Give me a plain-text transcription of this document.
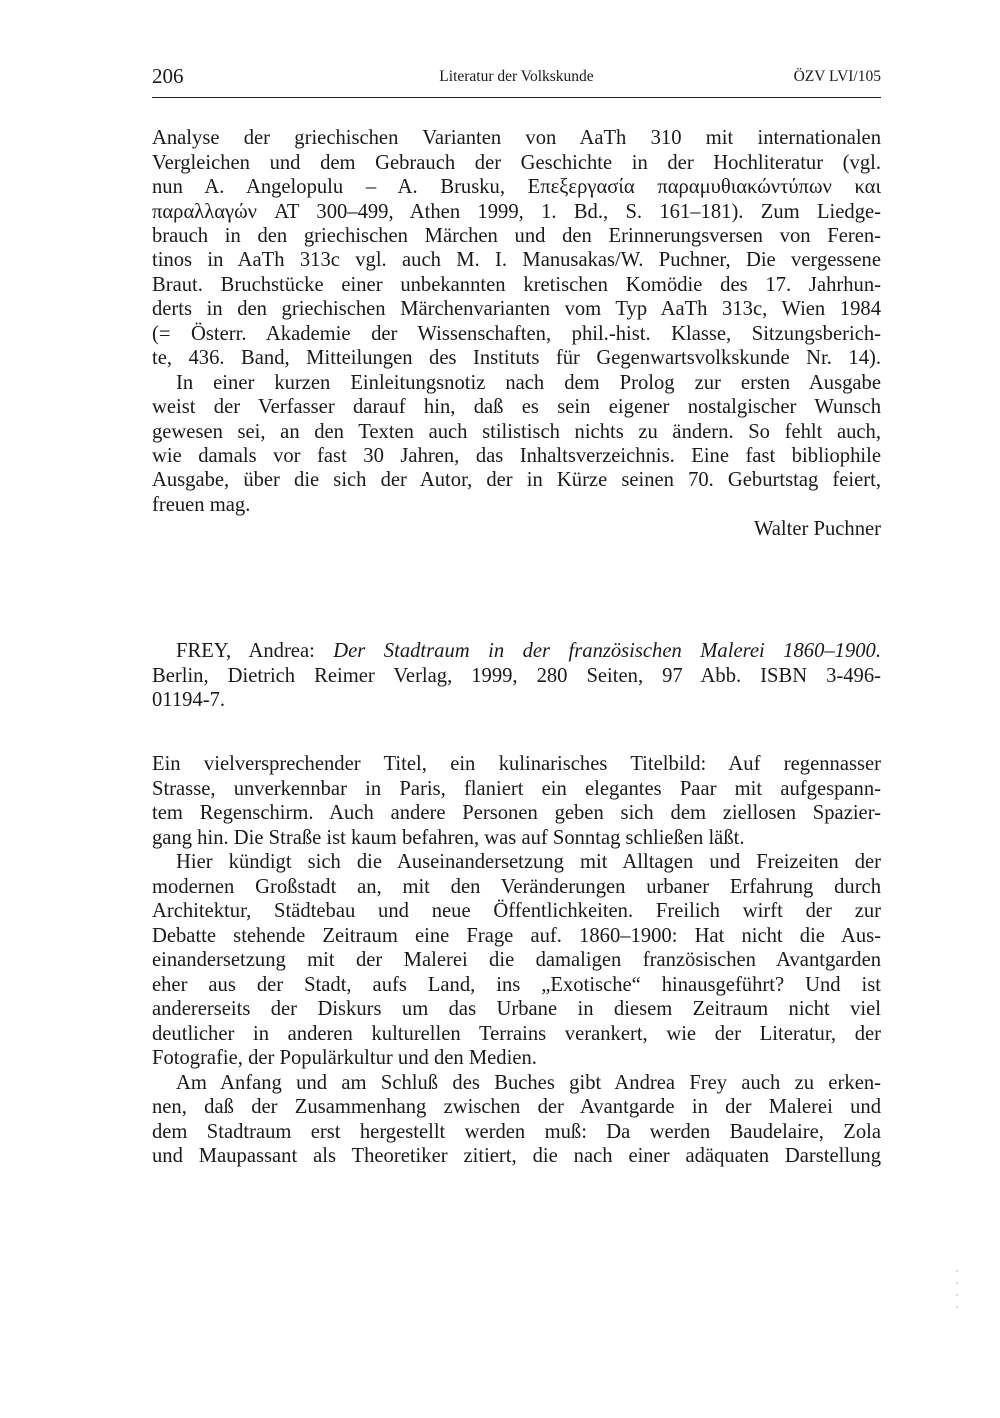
206	Literatur der Volkskunde	ÖZV LVI/105
Analyse der griechischen Varianten von AaTh 310 mit internationalen
Vergleichen und dem Gebrauch der Geschichte in der Hochliteratur (vgl.
nun A. Angelopulu – A. Brusku, Επεξεργασία παραμυθιακώντύπων και
παραλλαγών AT 300–499, Athen 1999, 1. Bd., S. 161–181). Zum Liedge-
brauch in den griechischen Märchen und den Erinnerungsversen von Feren-
tinos in AaTh 313c vgl. auch M. I. Manusakas/W. Puchner, Die vergessene
Braut. Bruchstücke einer unbekannten kretischen Komödie des 17. Jahrhun-
derts in den griechischen Märchenvarianten vom Typ AaTh 313c, Wien 1984
(= Österr. Akademie der Wissenschaften, phil.-hist. Klasse, Sitzungsberich-
te, 436. Band, Mitteilungen des Instituts für Gegenwartsvolkskunde Nr. 14).
In einer kurzen Einleitungsnotiz nach dem Prolog zur ersten Ausgabe
weist der Verfasser darauf hin, daß es sein eigener nostalgischer Wunsch
gewesen sei, an den Texten auch stilistisch nichts zu ändern. So fehlt auch,
wie damals vor fast 30 Jahren, das Inhaltsverzeichnis. Eine fast bibliophile
Ausgabe, über die sich der Autor, der in Kürze seinen 70. Geburtstag feiert,
freuen mag.
Walter Puchner
FREY, Andrea: Der Stadtraum in der französischen Malerei 1860–1900.
Berlin, Dietrich Reimer Verlag, 1999, 280 Seiten, 97 Abb. ISBN 3-496-
01194-7.
Ein vielversprechender Titel, ein kulinarisches Titelbild: Auf regennasser
Strasse, unverkennbar in Paris, flaniert ein elegantes Paar mit aufgespann-
tem Regenschirm. Auch andere Personen geben sich dem ziellosen Spazier-
gang hin. Die Straße ist kaum befahren, was auf Sonntag schließen läßt.
Hier kündigt sich die Auseinandersetzung mit Alltagen und Freizeiten der
modernen Großstadt an, mit den Veränderungen urbaner Erfahrung durch
Architektur, Städtebau und neue Öffentlichkeiten. Freilich wirft der zur
Debatte stehende Zeitraum eine Frage auf. 1860–1900: Hat nicht die Aus-
einandersetzung mit der Malerei die damaligen französischen Avantgarden
eher aus der Stadt, aufs Land, ins „Exotische“ hinausgeführt? Und ist
andererseits der Diskurs um das Urbane in diesem Zeitraum nicht viel
deutlicher in anderen kulturellen Terrains verankert, wie der Literatur, der
Fotografie, der Populärkultur und den Medien.
Am Anfang und am Schluß des Buches gibt Andrea Frey auch zu erken-
nen, daß der Zusammenhang zwischen der Avantgarde in der Malerei und
dem Stadtraum erst hergestellt werden muß: Da werden Baudelaire, Zola
und Maupassant als Theoretiker zitiert, die nach einer adäquaten Darstellung
